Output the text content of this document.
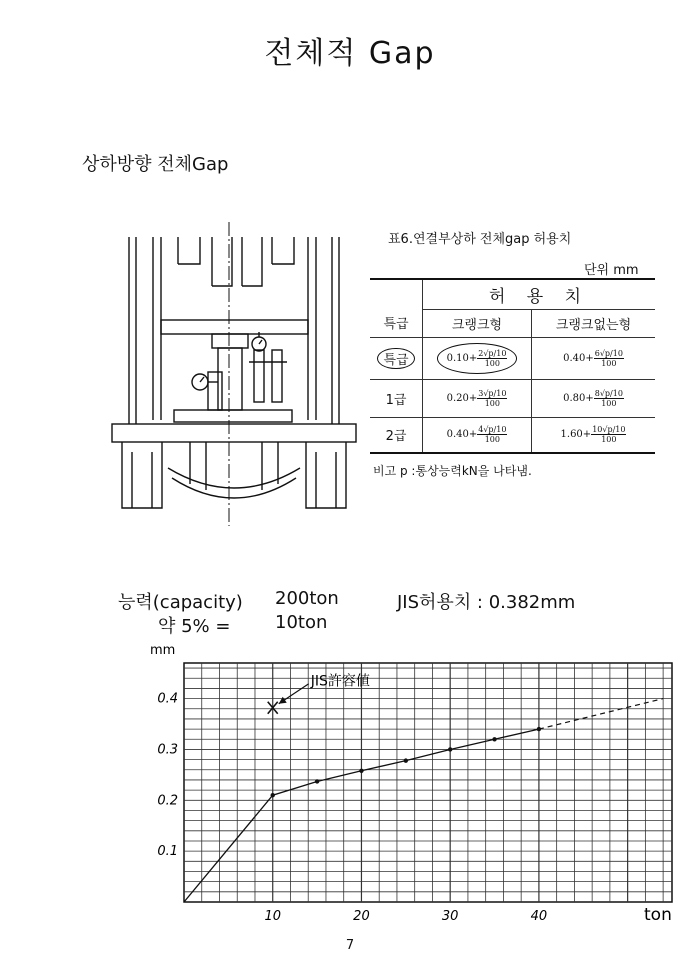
전체적 Gap
상하방향 전체Gap
표6.연결부상하 전체gap 허용치
단위 mm
	허 용 치	
특급	크랭크형	크랭크없는형
특급	$0.10+ \frac{2√p/10}{100}$	$0.40+ \frac{6√p/10}{100}$

1급	$0.20+ \frac{3√p/10}{100}$	$0.80+ \frac{8√p/10}{100}$

2급	$0.40+ \frac{4√p/10}{100}$	$1.60+ \frac{10√p/10}{100}$
비고 p :통상능력kN을 나타냄.
능력(capacity) 200ton	JIS허용치 : 0.382mm
약 5% = 10ton
mm
ton
10	20	30	40
0.1
0.2
0.3
0.4
JIS許容値
7
